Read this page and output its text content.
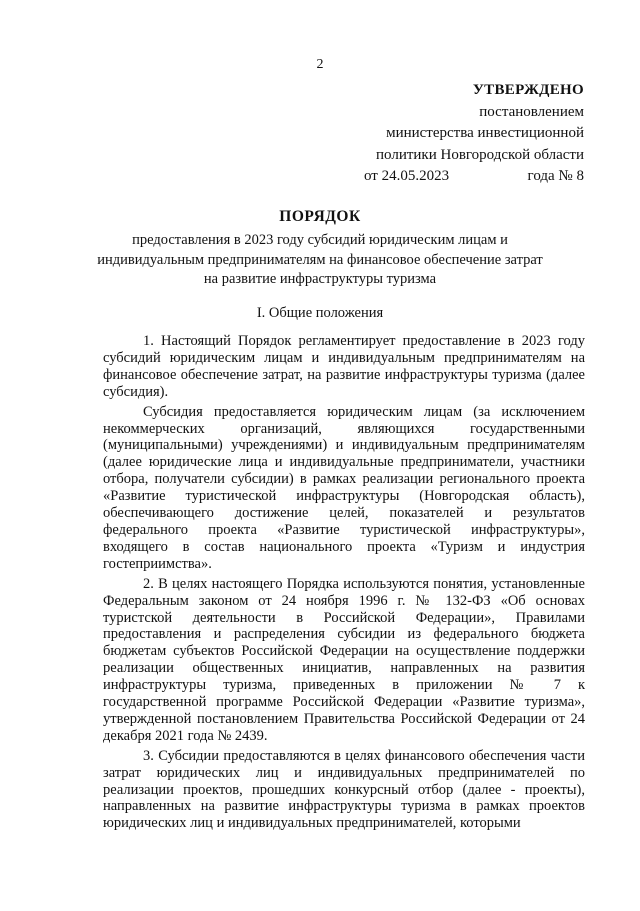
2
УТВЕРЖДЕНО
постановлением
министерства инвестиционной
политики Новгородской области
от 24.05.2023	года № 8
ПОРЯДОК
предоставления в 2023 году субсидий юридическим лицам и индивидуальным предпринимателям на финансовое обеспечение затрат на развитие инфраструктуры туризма
I. Общие положения

1. Настоящий Порядок регламентирует предоставление в 2023 году субсидий юридическим лицам и индивидуальным предпринимателям на финансовое обеспечение затрат, на развитие инфраструктуры туризма (далее субсидия).

Субсидия предоставляется юридическим лицам (за исключением некоммерческих организаций, являющихся государственными (муниципальными) учреждениями) и индивидуальным предпринимателям (далее юридические лица и индивидуальные предприниматели, участники отбора, получатели субсидии) в рамках реализации регионального проекта «Развитие туристической инфраструктуры (Новгородская область), обеспечивающего достижение целей, показателей и результатов федерального проекта «Развитие туристической инфраструктуры», входящего в состав национального проекта «Туризм и индустрия гостеприимства».

2. В целях настоящего Порядка используются понятия, установленные Федеральным законом от 24 ноября 1996 г. № 132-ФЗ «Об основах туристской деятельности в Российской Федерации», Правилами предоставления и распределения субсидии из федерального бюджета бюджетам субъектов Российской Федерации на осуществление поддержки реализации общественных инициатив, направленных на развития инфраструктуры туризма, приведенных в приложении № 7 к государственной программе Российской Федерации «Развитие туризма», утвержденной постановлением Правительства Российской Федерации от 24 декабря 2021 года № 2439.

3. Субсидии предоставляются в целях финансового обеспечения части затрат юридических лиц и индивидуальных предпринимателей по реализации проектов, прошедших конкурсный отбор (далее - проекты), направленных на развитие инфраструктуры туризма в рамках проектов юридических лиц и индивидуальных предпринимателей, которыми
